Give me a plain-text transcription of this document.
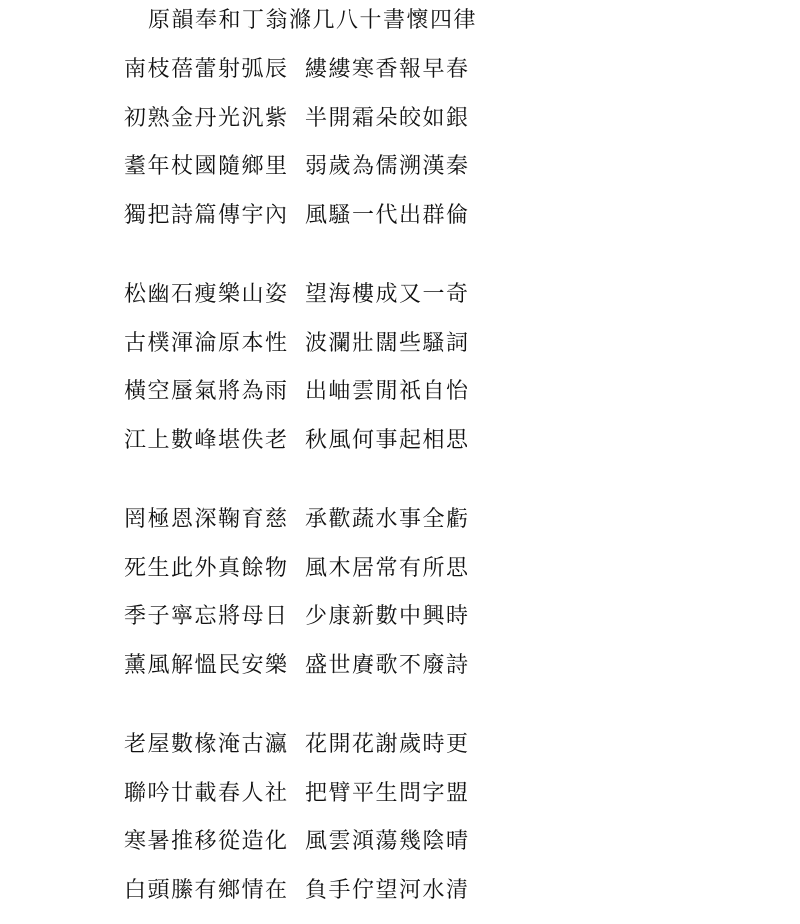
原韻奉和丁翁滌几八十書懷四律
南枝蓓蕾射弧辰 縷縷寒香報早春
初熟金丹光汎紫 半開霜朵皎如銀
耋年杖國隨鄉里 弱歲為儒溯漢秦
獨把詩篇傳宇內 風騷一代出群倫
松幽石瘦樂山姿 望海樓成又一奇
古樸渾淪原本性 波瀾壯闊些騷詞
橫空蜃氣將為雨 出岫雲閒祇自怡
江上數峰堪佚老 秋風何事起相思
罔極恩深鞠育慈 承歡蔬水事全虧
死生此外真餘物 風木居常有所思
季子寧忘將母日 少康新數中興時
薰風解慍民安樂 盛世賡歌不廢詩
老屋數椽淹古瀛 花開花謝歲時更
聯吟廿載春人社 把臂平生問字盟
寒暑推移從造化 風雲澒蕩幾陰晴
白頭縢有鄉情在 負手佇望河水清
